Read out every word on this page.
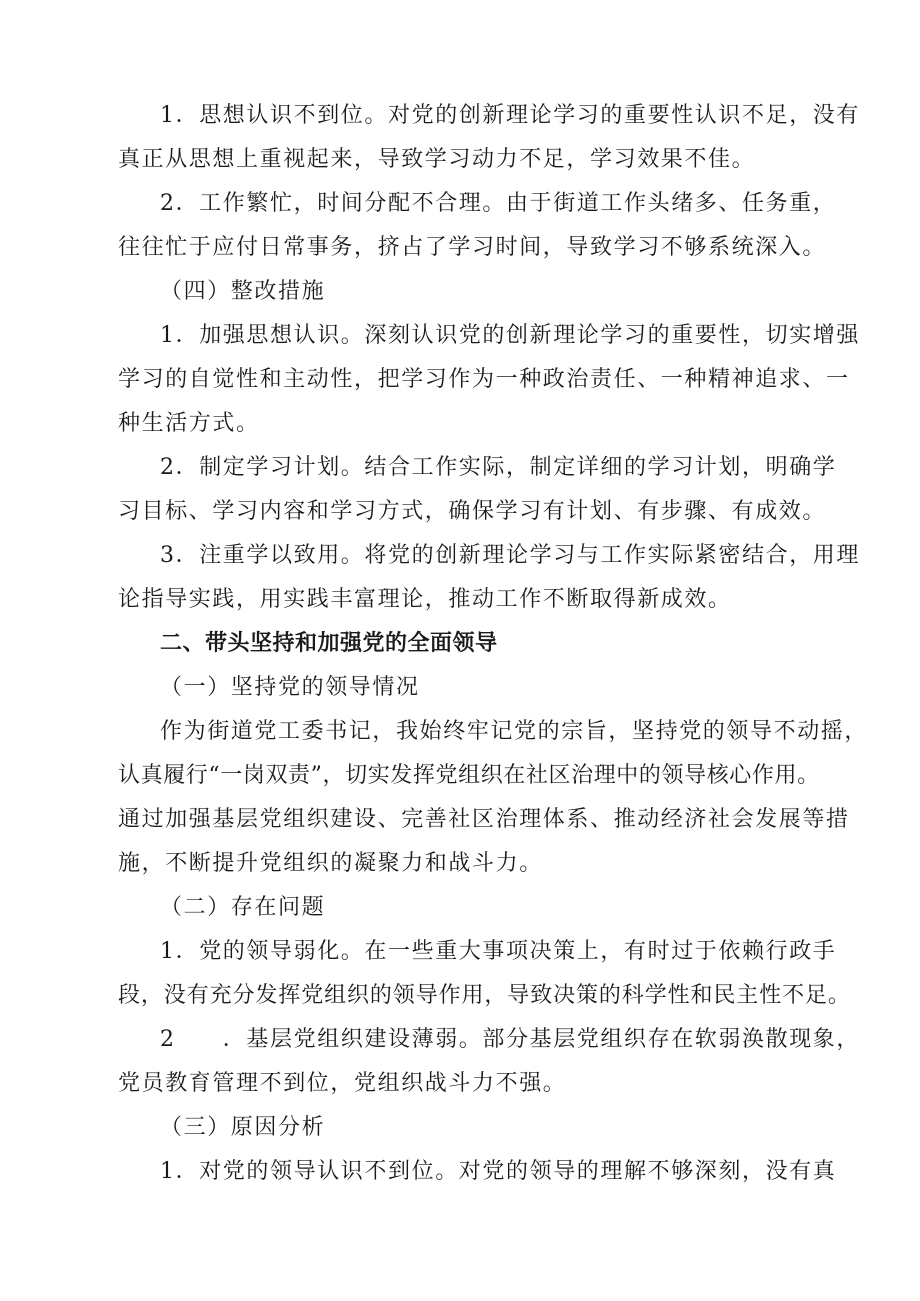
1．思想认识不到位。对党的创新理论学习的重要性认识不足，没有
真正从思想上重视起来，导致学习动力不足，学习效果不佳。
2．工作繁忙，时间分配不合理。由于街道工作头绪多、任务重，
往往忙于应付日常事务，挤占了学习时间，导致学习不够系统深入。
（四）整改措施
1．加强思想认识。深刻认识党的创新理论学习的重要性，切实增强
学习的自觉性和主动性，把学习作为一种政治责任、一种精神追求、一
种生活方式。
2．制定学习计划。结合工作实际，制定详细的学习计划，明确学
习目标、学习内容和学习方式，确保学习有计划、有步骤、有成效。
3．注重学以致用。将党的创新理论学习与工作实际紧密结合，用理
论指导实践，用实践丰富理论，推动工作不断取得新成效。
二、带头坚持和加强党的全面领导
（一）坚持党的领导情况
作为街道党工委书记，我始终牢记党的宗旨，坚持党的领导不动摇，
认真履行“一岗双责”，切实发挥党组织在社区治理中的领导核心作用。
通过加强基层党组织建设、完善社区治理体系、推动经济社会发展等措
施，不断提升党组织的凝聚力和战斗力。
（二）存在问题
1．党的领导弱化。在一些重大事项决策上，有时过于依赖行政手
段，没有充分发挥党组织的领导作用，导致决策的科学性和民主性不足。
2　　．基层党组织建设薄弱。部分基层党组织存在软弱涣散现象，
党员教育管理不到位，党组织战斗力不强。
（三）原因分析
1．对党的领导认识不到位。对党的领导的理解不够深刻，没有真
